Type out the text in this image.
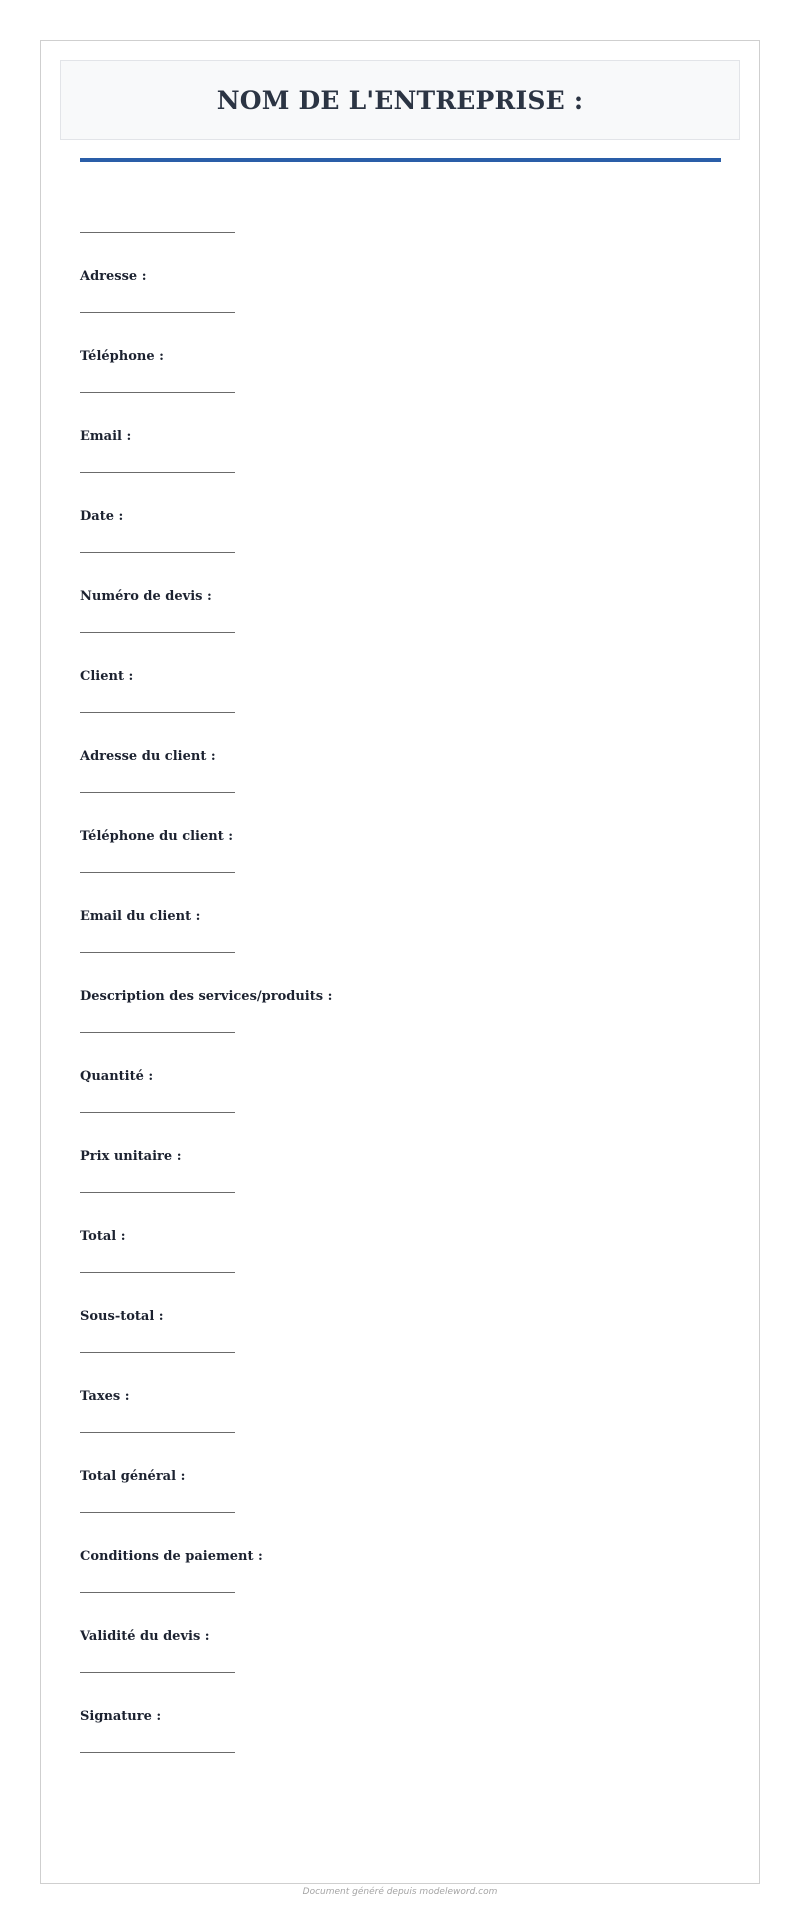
NOM DE L'ENTREPRISE :
Adresse :
Téléphone :
Email :
Date :
Numéro de devis :
Client :
Adresse du client :
Téléphone du client :
Email du client :
Description des services/produits :
Quantité :
Prix unitaire :
Total :
Sous-total :
Taxes :
Total général :
Conditions de paiement :
Validité du devis :
Signature :
Document généré depuis modeleword.com
